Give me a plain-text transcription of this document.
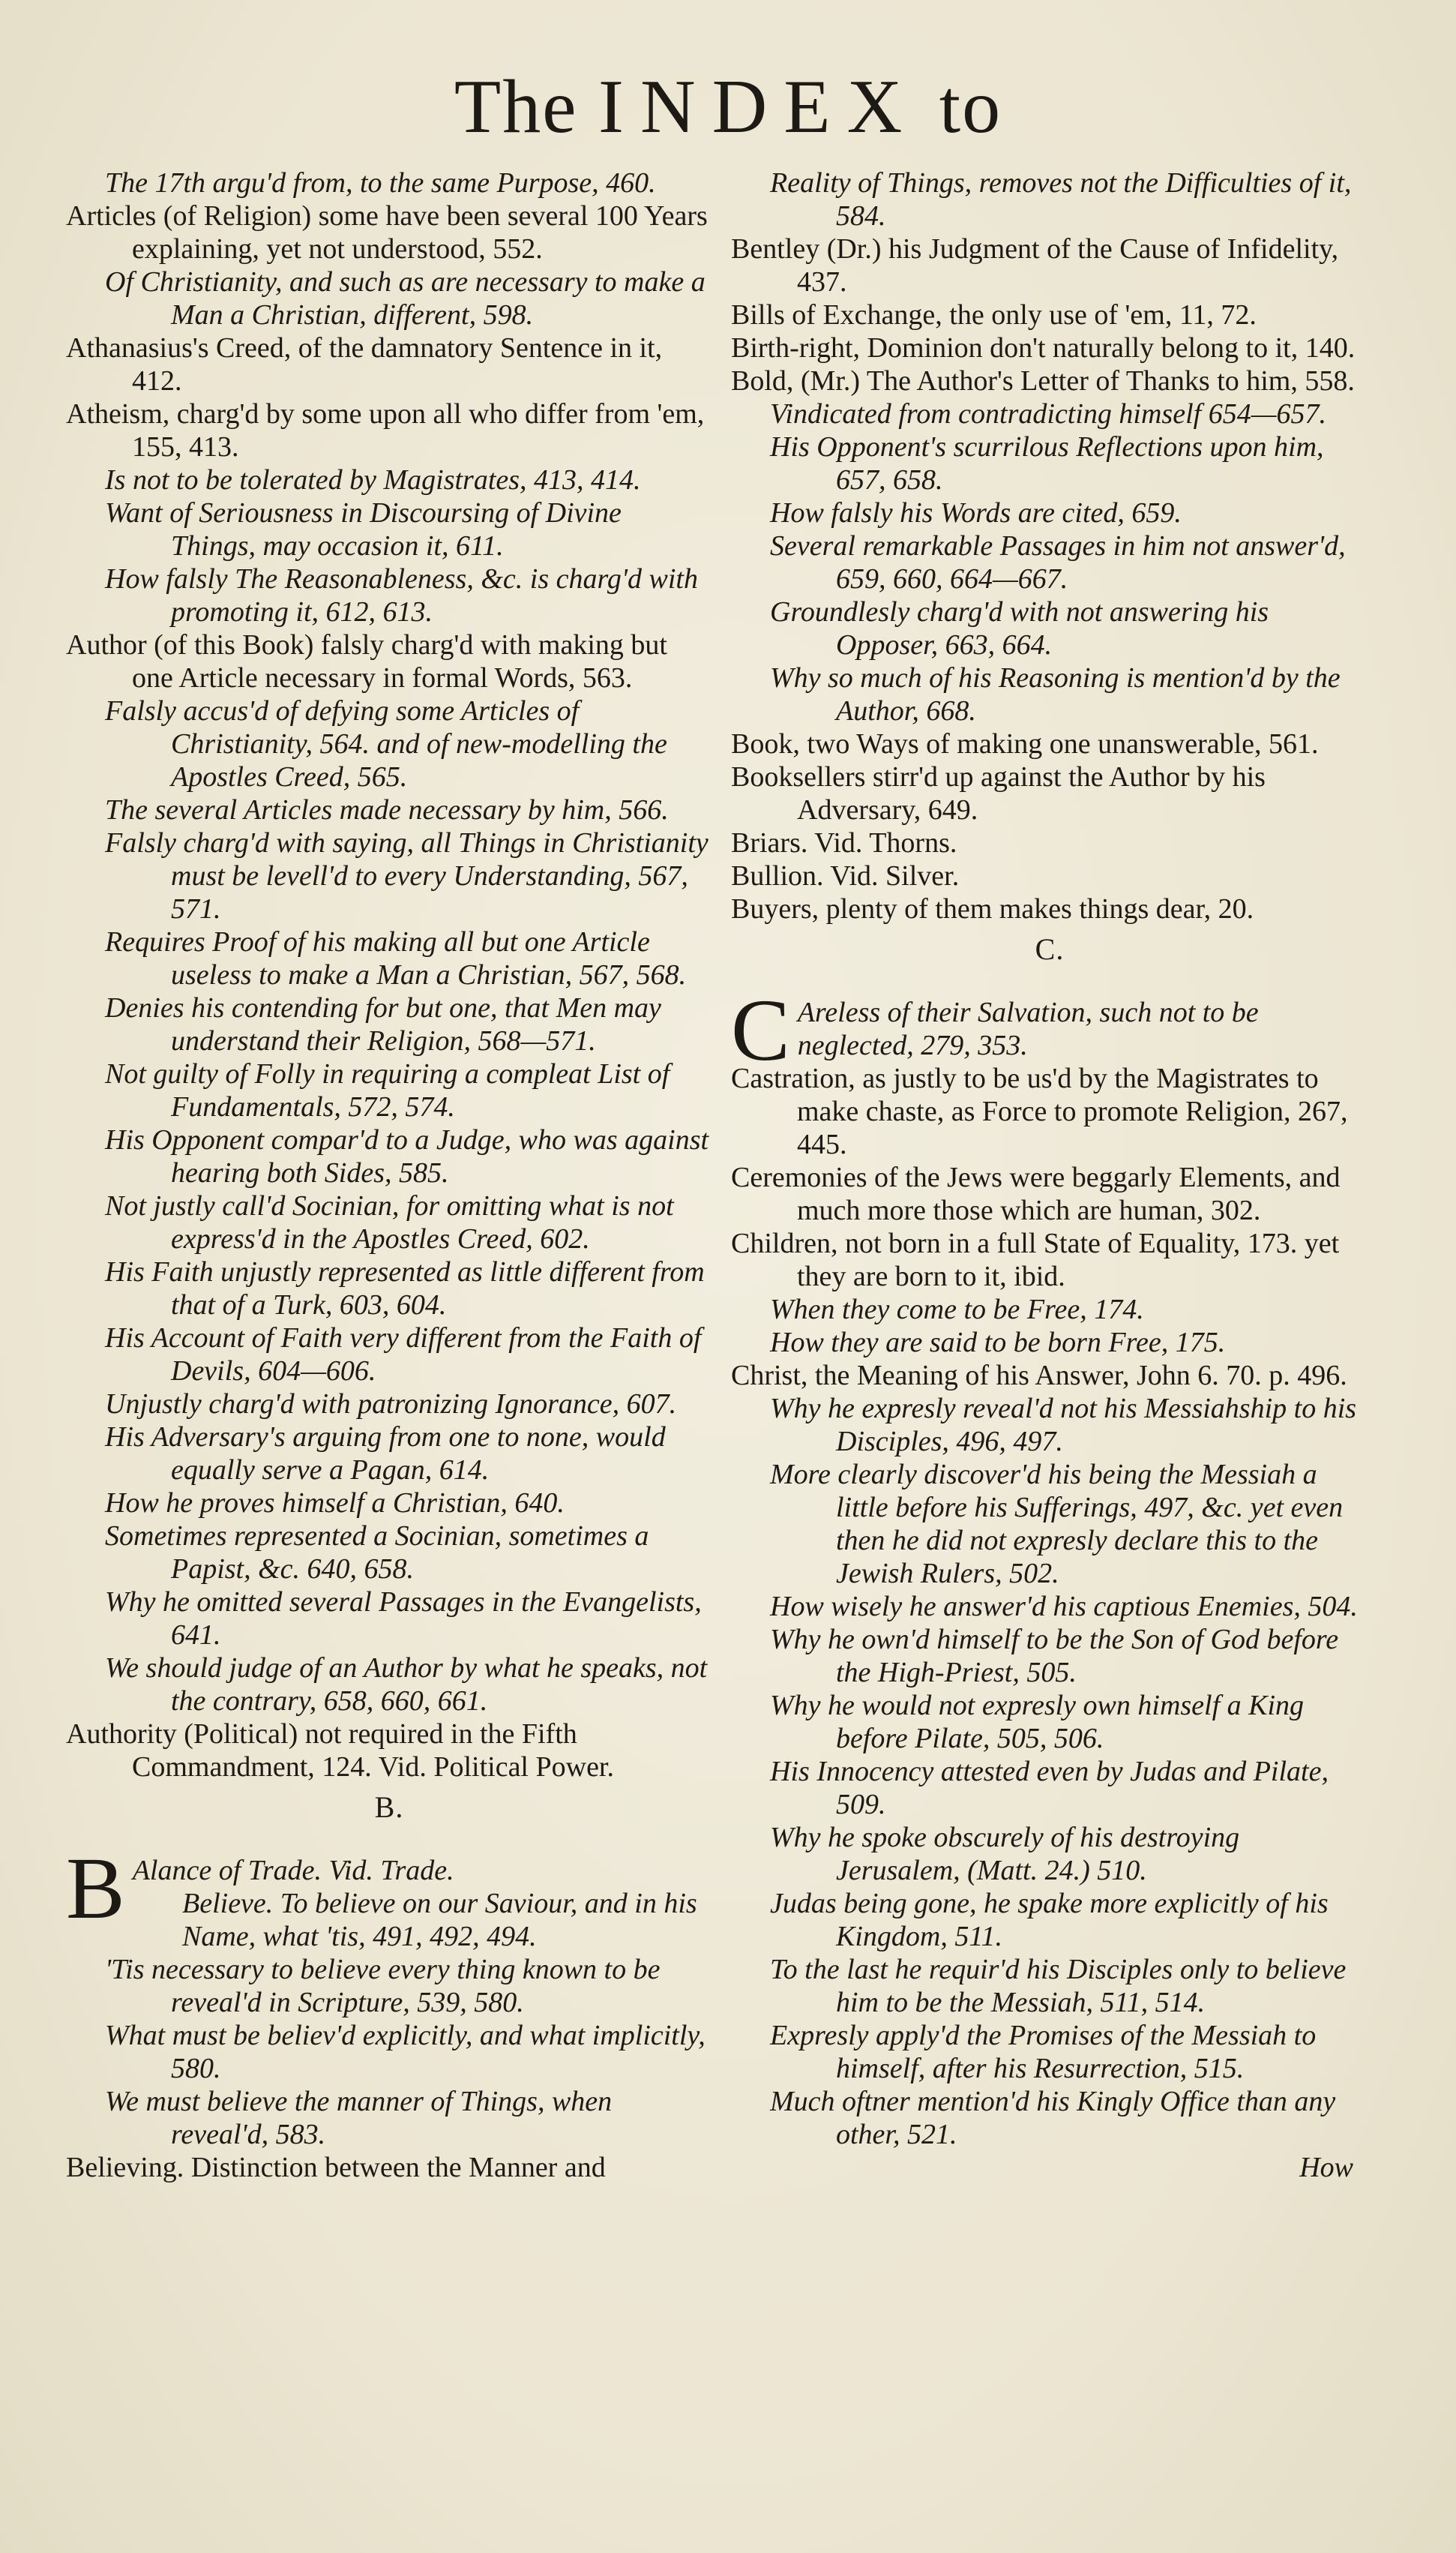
The INDEX to

The 17th argu'd from, to the same Purpose, 460.

Articles (of Religion) some have been several 100 Years explaining, yet not understood, 552.

Of Christianity, and such as are necessary to make a Man a Christian, different, 598.

Athanasius's Creed, of the damnatory Sentence in it, 412.

Atheism, charg'd by some upon all who differ from 'em, 155, 413.

Is not to be tolerated by Magistrates, 413, 414.

Want of Seriousness in Discoursing of Divine Things, may occasion it, 611.

How falsly The Reasonableness, &c. is charg'd with promoting it, 612, 613.

Author (of this Book) falsly charg'd with making but one Article necessary in formal Words, 563.

Falsly accus'd of defying some Articles of Christianity, 564. and of new-modelling the Apostles Creed, 565.

The several Articles made necessary by him, 566.

Falsly charg'd with saying, all Things in Christianity must be levell'd to every Understanding, 567, 571.

Requires Proof of his making all but one Article useless to make a Man a Christian, 567, 568.

Denies his contending for but one, that Men may understand their Religion, 568—571.

Not guilty of Folly in requiring a compleat List of Fundamentals, 572, 574.

His Opponent compar'd to a Judge, who was against hearing both Sides, 585.

Not justly call'd Socinian, for omitting what is not express'd in the Apostles Creed, 602.

His Faith unjustly represented as little different from that of a Turk, 603, 604.

His Account of Faith very different from the Faith of Devils, 604—606.

Unjustly charg'd with patronizing Ignorance, 607.

His Adversary's arguing from one to none, would equally serve a Pagan, 614.

How he proves himself a Christian, 640.

Sometimes represented a Socinian, sometimes a Papist, &c. 640, 658.

Why he omitted several Passages in the Evangelists, 641.

We should judge of an Author by what he speaks, not the contrary, 658, 660, 661.

Authority (Political) not required in the Fifth Commandment, 124. Vid. Political Power.

B.

B Alance of Trade. Vid. Trade.

Believe. To believe on our Saviour, and in his Name, what 'tis, 491, 492, 494.

'Tis necessary to believe every thing known to be reveal'd in Scripture, 539, 580.

What must be believ'd explicitly, and what implicitly, 580.

We must believe the manner of Things, when reveal'd, 583.

Believing. Distinction between the Manner and

Reality of Things, removes not the Difficulties of it, 584.

Bentley (Dr.) his Judgment of the Cause of Infidelity, 437.

Bills of Exchange, the only use of 'em, 11, 72.

Birth-right, Dominion don't naturally belong to it, 140.

Bold, (Mr.) The Author's Letter of Thanks to him, 558.

Vindicated from contradicting himself 654—657.

His Opponent's scurrilous Reflections upon him, 657, 658.

How falsly his Words are cited, 659.

Several remarkable Passages in him not answer'd, 659, 660, 664—667.

Groundlesly charg'd with not answering his Opposer, 663, 664.

Why so much of his Reasoning is mention'd by the Author, 668.

Book, two Ways of making one unanswerable, 561.

Booksellers stirr'd up against the Author by his Adversary, 649.

Briars. Vid. Thorns.

Bullion. Vid. Silver.

Buyers, plenty of them makes things dear, 20.

C.

C Areless of their Salvation, such not to be neglected, 279, 353.

Castration, as justly to be us'd by the Magistrates to make chaste, as Force to promote Religion, 267, 445.

Ceremonies of the Jews were beggarly Elements, and much more those which are human, 302.

Children, not born in a full State of Equality, 173. yet they are born to it, ibid.

When they come to be Free, 174.

How they are said to be born Free, 175.

Christ, the Meaning of his Answer, John 6. 70. p. 496.

Why he expresly reveal'd not his Messiahship to his Disciples, 496, 497.

More clearly discover'd his being the Messiah a little before his Sufferings, 497, &c. yet even then he did not expresly declare this to the Jewish Rulers, 502.

How wisely he answer'd his captious Enemies, 504.

Why he own'd himself to be the Son of God before the High-Priest, 505.

Why he would not expresly own himself a King before Pilate, 505, 506.

His Innocency attested even by Judas and Pilate, 509.

Why he spoke obscurely of his destroying Jerusalem, (Matt. 24.) 510.

Judas being gone, he spake more explicitly of his Kingdom, 511.

To the last he requir'd his Disciples only to believe him to be the Messiah, 511, 514.

Expresly apply'd the Promises of the Messiah to himself, after his Resurrection, 515.

Much oftner mention'd his Kingly Office than any other, 521.

How
